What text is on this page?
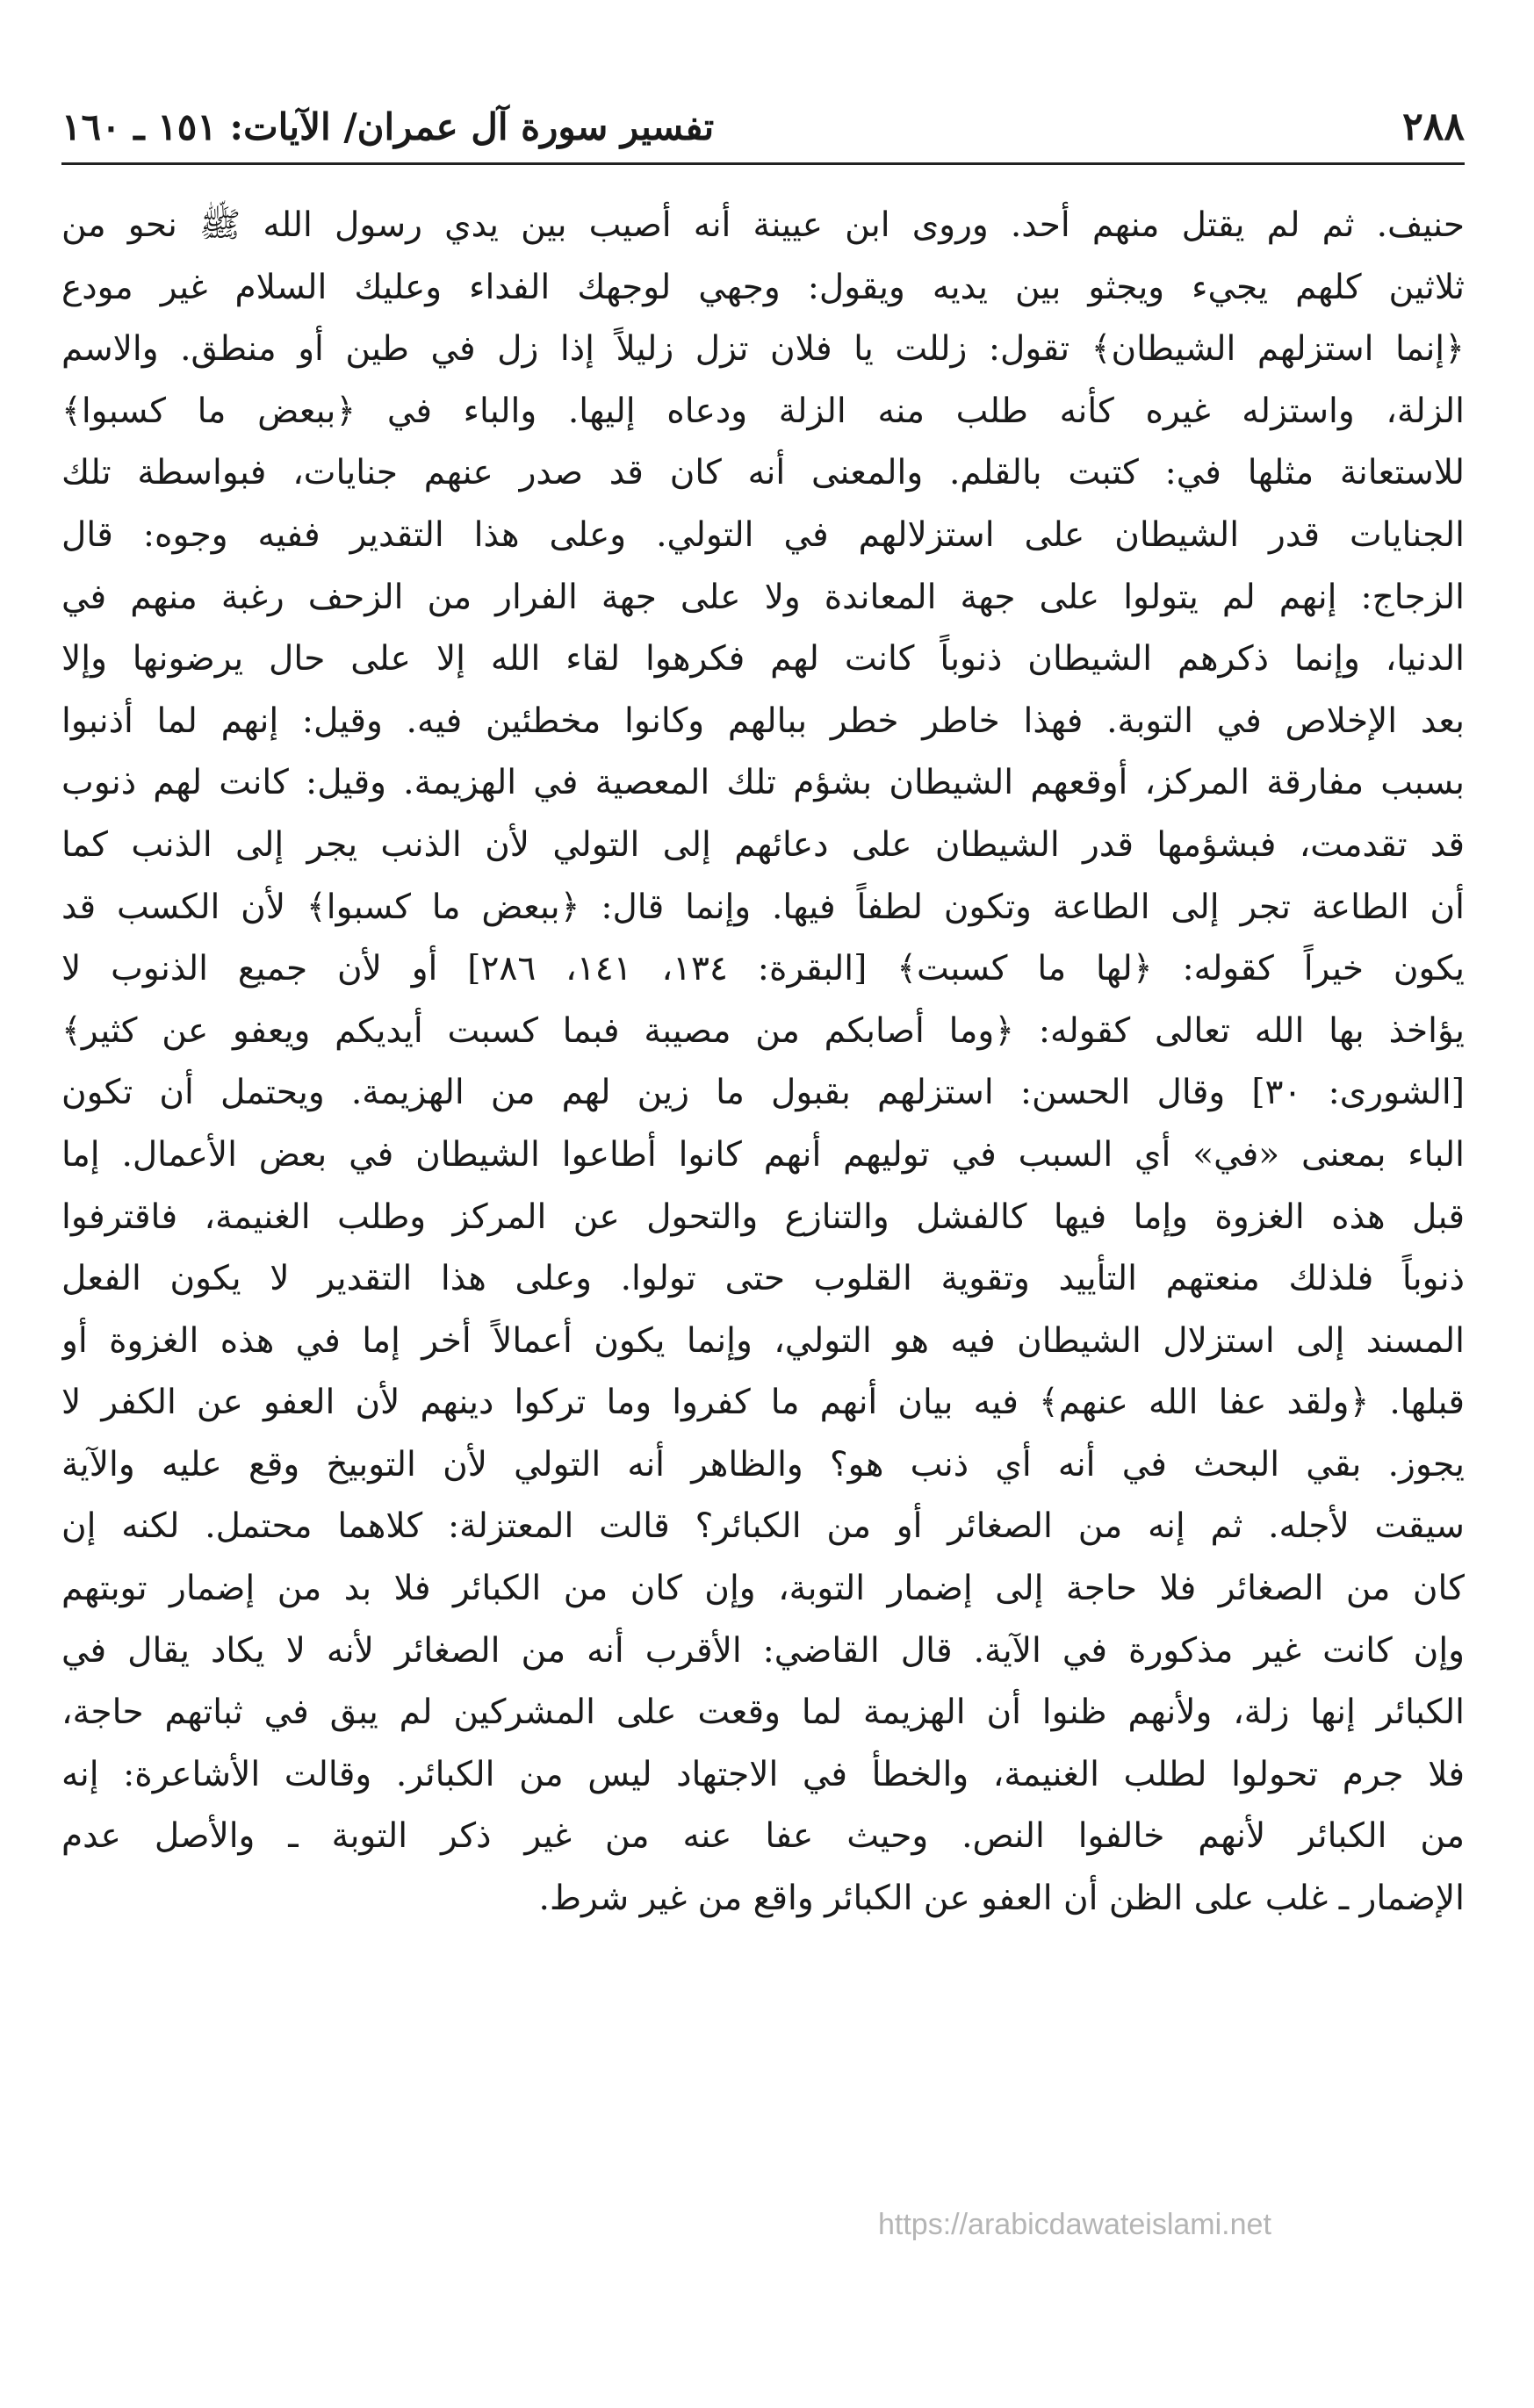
٢٨٨
تفسير سورة آل عمران/ الآيات: ١٥١ ـ ١٦٠
حنيف. ثم لم يقتل منهم أحد. وروى ابن عيينة أنه أصيب بين يدي رسول الله ﷺ نحو من
ثلاثين كلهم يجيء ويجثو بين يديه ويقول: وجهي لوجهك الفداء وعليك السلام غير مودع
﴿إنما استزلهم الشيطان﴾ تقول: زللت يا فلان تزل زليلاً إذا زل في طين أو منطق. والاسم
الزلة، واستزله غيره كأنه طلب منه الزلة ودعاه إليها. والباء في ﴿ببعض ما كسبوا﴾
للاستعانة مثلها في: كتبت بالقلم. والمعنى أنه كان قد صدر عنهم جنايات، فبواسطة تلك
الجنايات قدر الشيطان على استزلالهم في التولي. وعلى هذا التقدير ففيه وجوه: قال
الزجاج: إنهم لم يتولوا على جهة المعاندة ولا على جهة الفرار من الزحف رغبة منهم في
الدنيا، وإنما ذكرهم الشيطان ذنوباً كانت لهم فكرهوا لقاء الله إلا على حال يرضونها وإلا
بعد الإخلاص في التوبة. فهذا خاطر خطر ببالهم وكانوا مخطئين فيه. وقيل: إنهم لما أذنبوا
بسبب مفارقة المركز، أوقعهم الشيطان بشؤم تلك المعصية في الهزيمة. وقيل: كانت لهم ذنوب
قد تقدمت، فبشؤمها قدر الشيطان على دعائهم إلى التولي لأن الذنب يجر إلى الذنب كما
أن الطاعة تجر إلى الطاعة وتكون لطفاً فيها. وإنما قال: ﴿ببعض ما كسبوا﴾ لأن الكسب قد
يكون خيراً كقوله: ﴿لها ما كسبت﴾ [البقرة: ١٣٤، ١٤١، ٢٨٦] أو لأن جميع الذنوب لا
يؤاخذ بها الله تعالى كقوله: ﴿وما أصابكم من مصيبة فبما كسبت أيديكم ويعفو عن كثير﴾
[الشورى: ٣٠] وقال الحسن: استزلهم بقبول ما زين لهم من الهزيمة. ويحتمل أن تكون
الباء بمعنى «في» أي السبب في توليهم أنهم كانوا أطاعوا الشيطان في بعض الأعمال. إما
قبل هذه الغزوة وإما فيها كالفشل والتنازع والتحول عن المركز وطلب الغنيمة، فاقترفوا
ذنوباً فلذلك منعتهم التأييد وتقوية القلوب حتى تولوا. وعلى هذا التقدير لا يكون الفعل
المسند إلى استزلال الشيطان فيه هو التولي، وإنما يكون أعمالاً أخر إما في هذه الغزوة أو
قبلها. ﴿ولقد عفا الله عنهم﴾ فيه بيان أنهم ما كفروا وما تركوا دينهم لأن العفو عن الكفر لا
يجوز. بقي البحث في أنه أي ذنب هو؟ والظاهر أنه التولي لأن التوبيخ وقع عليه والآية
سيقت لأجله. ثم إنه من الصغائر أو من الكبائر؟ قالت المعتزلة: كلاهما محتمل. لكنه إن
كان من الصغائر فلا حاجة إلى إضمار التوبة، وإن كان من الكبائر فلا بد من إضمار توبتهم
وإن كانت غير مذكورة في الآية. قال القاضي: الأقرب أنه من الصغائر لأنه لا يكاد يقال في
الكبائر إنها زلة، ولأنهم ظنوا أن الهزيمة لما وقعت على المشركين لم يبق في ثباتهم حاجة،
فلا جرم تحولوا لطلب الغنيمة، والخطأ في الاجتهاد ليس من الكبائر. وقالت الأشاعرة: إنه
من الكبائر لأنهم خالفوا النص. وحيث عفا عنه من غير ذكر التوبة ـ والأصل عدم
الإضمار ـ غلب على الظن أن العفو عن الكبائر واقع من غير شرط.
https://arabicdawateislami.net
